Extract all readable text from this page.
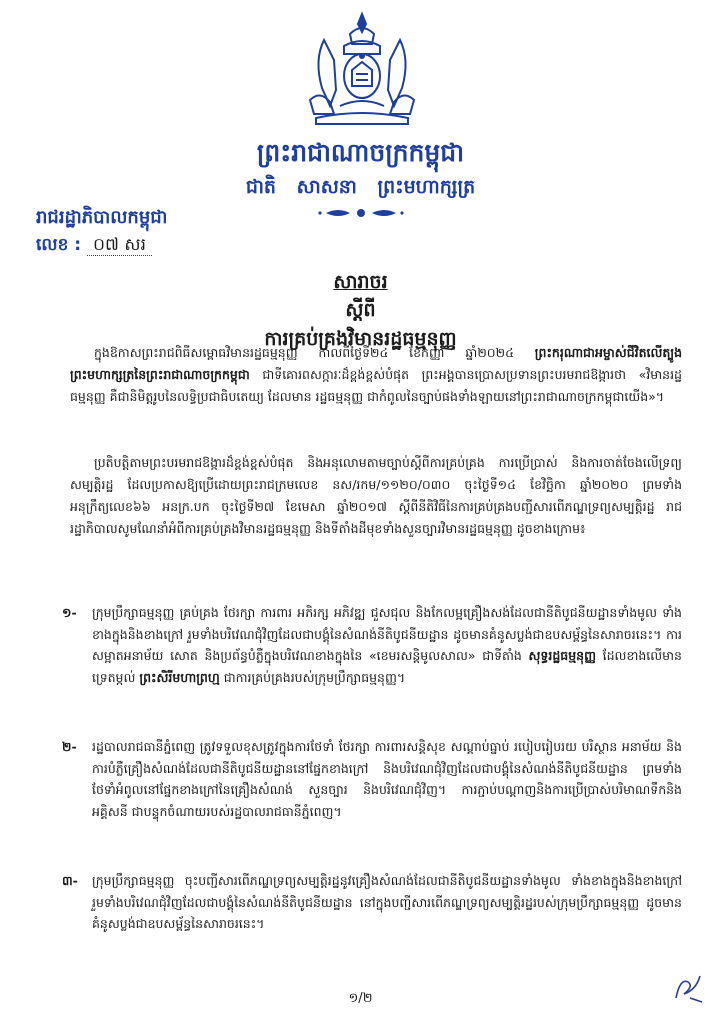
ព្រះរាជាណាចក្រកម្ពុជា
ជាតិ សាសនា ព្រះមហាក្សត្រ
រាជរដ្ឋាភិបាលកម្ពុជា
លេខ : ០៧ សរ
សារាចរ
ស្ដីពី
ការគ្រប់គ្រងវិមានរដ្ឋធម្មនុញ្ញ
ក្នុងឱកាសព្រះរាជពិធីសម្ពោធវិមានរដ្ឋធម្មនុញ្ញ កាលពីថ្ងៃទី២៤ ខែកញ្ញា ឆ្នាំ២០២៤ ព្រះករុណាជាអម្ចាស់ជីវិតលើត្បូង ព្រះមហាក្សត្រនៃព្រះរាជាណាចក្រកម្ពុជា ជាទីគោរពសក្ការៈដ៏ខ្ពង់ខ្ពស់បំផុត ព្រះអង្គបានប្រោសប្រទានព្រះបរមរាជឱង្ការថា «វិមានរដ្ឋធម្មនុញ្ញ គឺជានិមិត្តរូបនៃលទ្ធិប្រជាធិបតេយ្យ ដែលមាន រដ្ឋធម្មនុញ្ញ ជាកំពូលនៃច្បាប់ផងទាំងឡាយនៅព្រះរាជាណាចក្រកម្ពុជាយើង»។
ប្រតិបត្តិតាមព្រះបរមរាជឱង្ការដ៏ខ្ពង់ខ្ពស់បំផុត និងអនុលោមតាមច្បាប់ស្ដីពីការគ្រប់គ្រង ការប្រើប្រាស់ និងការចាត់ចែងលើទ្រព្យសម្បត្តិរដ្ឋ ដែលប្រកាសឱ្យប្រើដោយព្រះរាជក្រមលេខ នស/រកម/១១២០/០៣០ ចុះថ្ងៃទី១៤ ខែវិច្ឆិកា ឆ្នាំ២០២០ ព្រមទាំងអនុក្រឹត្យលេខ៦៦ អនក្រ.បក ចុះថ្ងៃទី២៧ ខែមេសា ឆ្នាំ២០១៧ ស្ដីពីនីតិវិធីនៃការគ្រប់គ្រងបញ្ជីសារពើភណ្ឌទ្រព្យសម្បត្តិរដ្ឋ រាជរដ្ឋាភិបាលសូមណែនាំអំពីការគ្រប់គ្រងវិមានរដ្ឋធម្មនុញ្ញ និងទីតាំងដីមុខទាំងសួនច្បារវិមានរដ្ឋធម្មនុញ្ញ ដូចខាងក្រោម៖
១- ក្រុមប្រឹក្សាធម្មនុញ្ញ គ្រប់គ្រង ថែរក្សា ការពារ អភិរក្ស អភិវឌ្ឍ ជួសជុល និងកែលម្អគ្រឿងសង់ដែលជានីតិបូជនីយដ្ឋានទាំងមូល ទាំងខាងក្នុងនិងខាងក្រៅ រួមទាំងបរិវេណជុំវិញដែលជាបង្គុំនៃសំណង់នីតិបូជនីយដ្ឋាន ដូចមានគំនូសប្លង់ជាឧបសម្ព័ន្ធនៃសារាចរនេះ។ ការសម្អាតអនាម័យ សោត និងប្រព័ន្ធបំភ្លឺក្នុងបរិវេណខាងក្នុងនៃ «ខេមរសន្តិមូលសាល» ជាទីតាំង សុទ្ធរដ្ឋធម្មនុញ្ញ ដែលខាងលើមានទ្រេតម្កល់ ព្រះសិរីមហាព្រហ្ម ជាការគ្រប់គ្រងរបស់ក្រុមប្រឹក្សាធម្មនុញ្ញ។
២- រដ្ឋបាលរាជធានីភ្នំពេញ ត្រូវទទួលខុសត្រូវក្នុងការថែទាំ ថែរក្សា ការពារសន្តិសុខ សណ្ដាប់ធ្នាប់ របៀបរៀបរយ បរិស្ថាន អនាម័យ និងការបំភ្លឺគ្រឿងសំណង់ដែលជានីតិបូជនីយដ្ឋាននៅផ្នែកខាងក្រៅ និងបរិវេណជុំវិញដែលជាបង្គុំនៃសំណង់នីតិបូជនីយដ្ឋាន ព្រមទាំងថែទាំអំពូលនៅផ្នែកខាងក្រៅនៃគ្រឿងសំណង់ សួនច្បារ និងបរិវេណជុំវិញ។ ការភ្ជាប់បណ្ដាញនិងការប្រើប្រាស់បរិមាណទឹកនិងអគ្គិសនី ជាបន្ទុកចំណាយរបស់រដ្ឋបាលរាជធានីភ្នំពេញ។
៣- ក្រុមប្រឹក្សាធម្មនុញ្ញ ចុះបញ្ជីសារពើភណ្ឌទ្រព្យសម្បត្តិរដ្ឋនូវគ្រឿងសំណង់ដែលជានីតិបូជនីយដ្ឋានទាំងមូល ទាំងខាងក្នុងនិងខាងក្រៅ រួមទាំងបរិវេណជុំវិញដែលជាបង្គុំនៃសំណង់នីតិបូជនីយដ្ឋាន នៅក្នុងបញ្ជីសារពើភណ្ឌទ្រព្យសម្បត្តិរដ្ឋរបស់ក្រុមប្រឹក្សាធម្មនុញ្ញ ដូចមានគំនូសប្លង់ជាឧបសម្ព័ន្ធនៃសារាចរនេះ។
១/២
